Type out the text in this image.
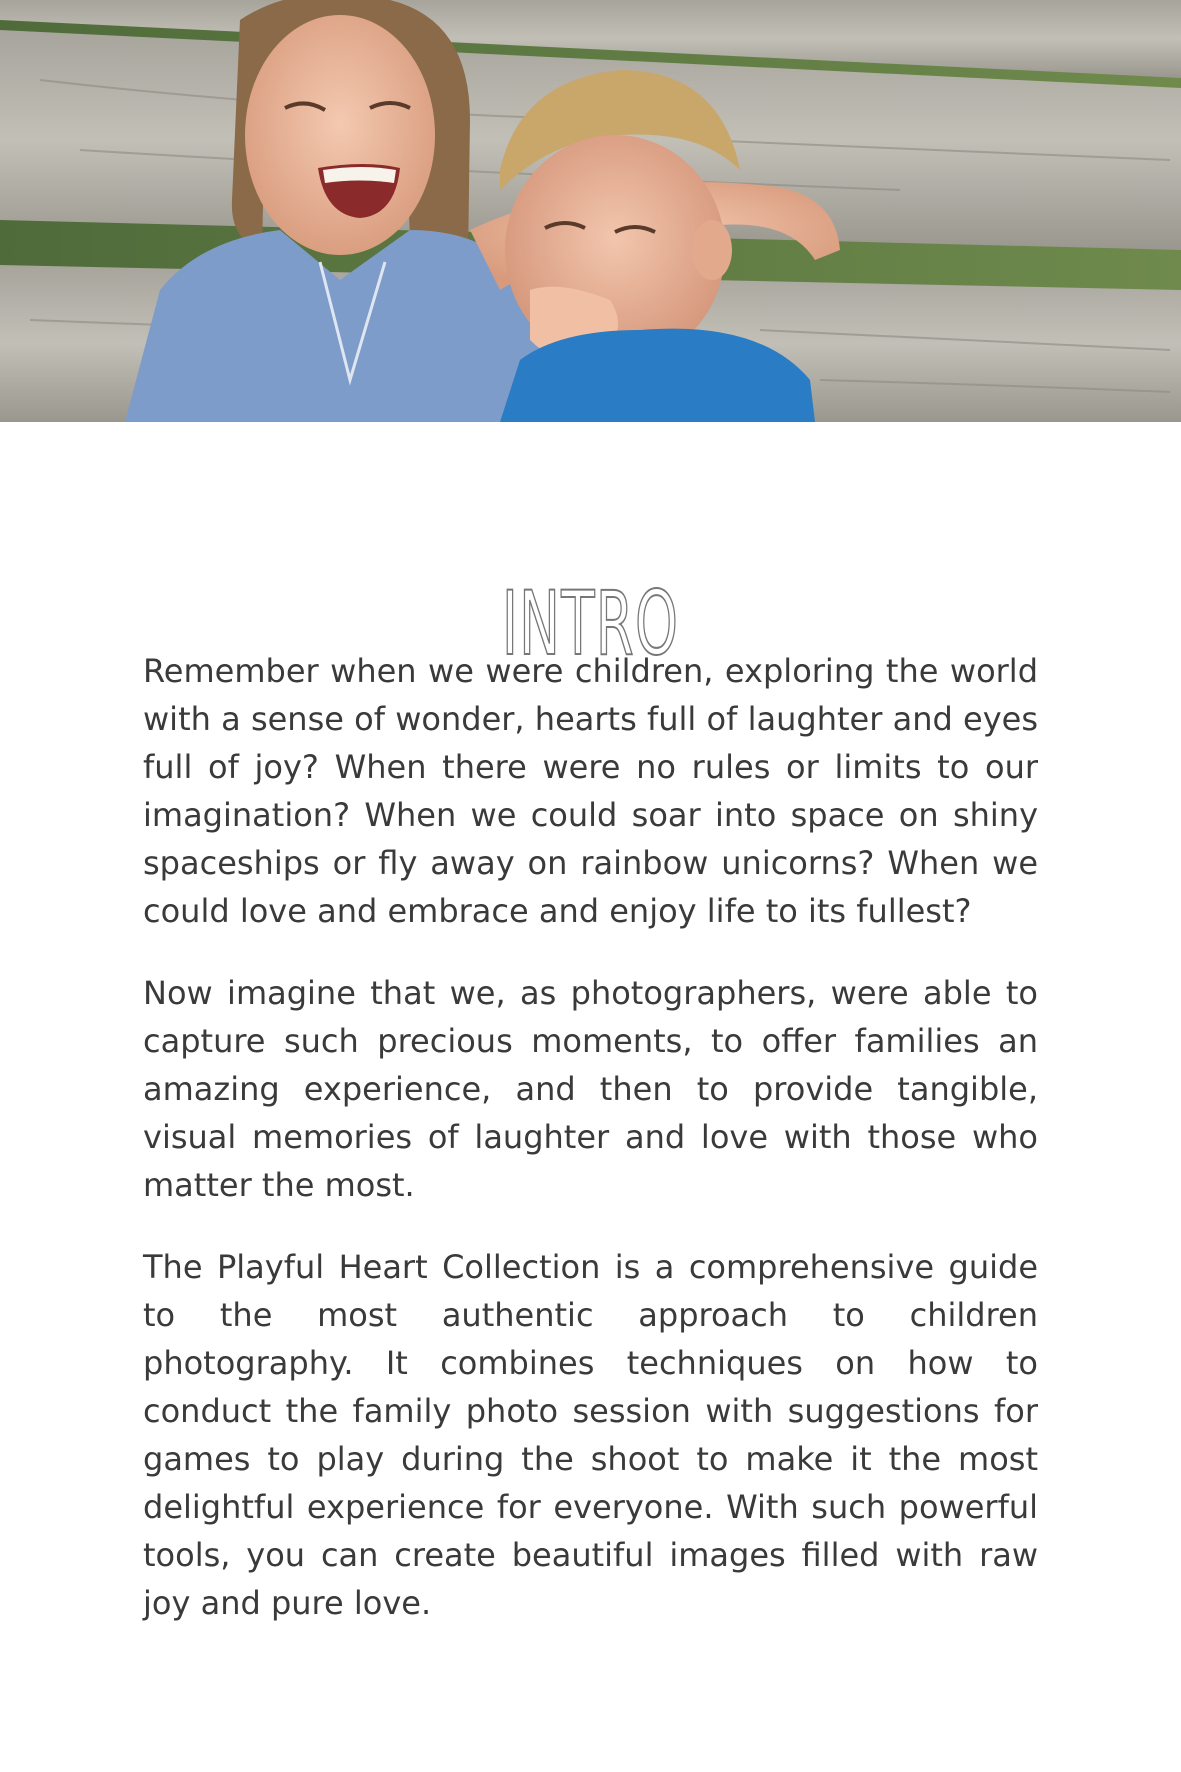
INTRO

Remember when we were children, exploring the world with a sense of wonder, hearts full of laughter and eyes full of joy? When there were no rules or limits to our imagination? When we could soar into space on shiny spaceships or fly away on rainbow unicorns? When we could love and embrace and enjoy life to its fullest?

Now imagine that we, as photographers, were able to capture such precious moments, to offer families an amazing experience, and then to provide tangible, visual memories of laughter and love with those who matter the most.

The Playful Heart Collection is a comprehensive guide to the most authentic approach to children photography. It combines techniques on how to conduct the family photo session with suggestions for games to play during the shoot to make it the most delightful experience for everyone. With such powerful tools, you can create beautiful images filled with raw joy and pure love.
